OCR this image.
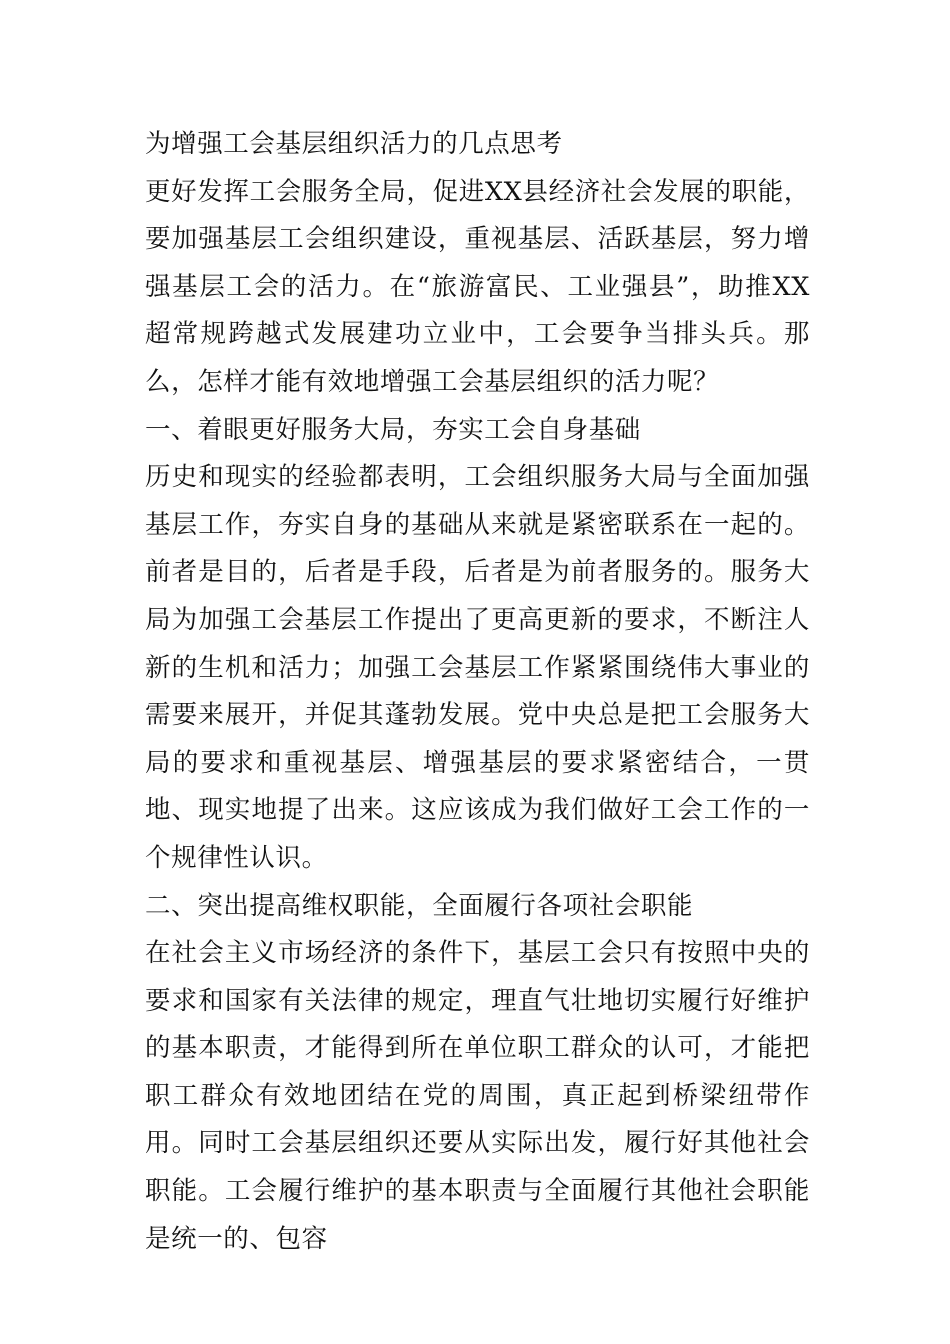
为增强工会基层组织活力的几点思考

更好发挥工会服务全局，促进XX县经济社会发展的职能，要加强基层工会组织建设，重视基层、活跃基层，努力增强基层工会的活力。在“旅游富民、工业强县”，助推XX超常规跨越式发展建功立业中，工会要争当排头兵。那么，怎样才能有效地增强工会基层组织的活力呢？

一、着眼更好服务大局，夯实工会自身基础

历史和现实的经验都表明，工会组织服务大局与全面加强基层工作，夯实自身的基础从来就是紧密联系在一起的。前者是目的，后者是手段，后者是为前者服务的。服务大局为加强工会基层工作提出了更高更新的要求，不断注人新的生机和活力；加强工会基层工作紧紧围绕伟大事业的需要来展开，并促其蓬勃发展。党中央总是把工会服务大局的要求和重视基层、增强基层的要求紧密结合，一贯地、现实地提了出来。这应该成为我们做好工会工作的一个规律性认识。

二、突出提高维权职能，全面履行各项社会职能

在社会主义市场经济的条件下，基层工会只有按照中央的要求和国家有关法律的规定，理直气壮地切实履行好维护的基本职责，才能得到所在单位职工群众的认可，才能把职工群众有效地团结在党的周围，真正起到桥梁纽带作用。同时工会基层组织还要从实际出发，履行好其他社会职能。工会履行维护的基本职责与全面履行其他社会职能是统一的、包容
